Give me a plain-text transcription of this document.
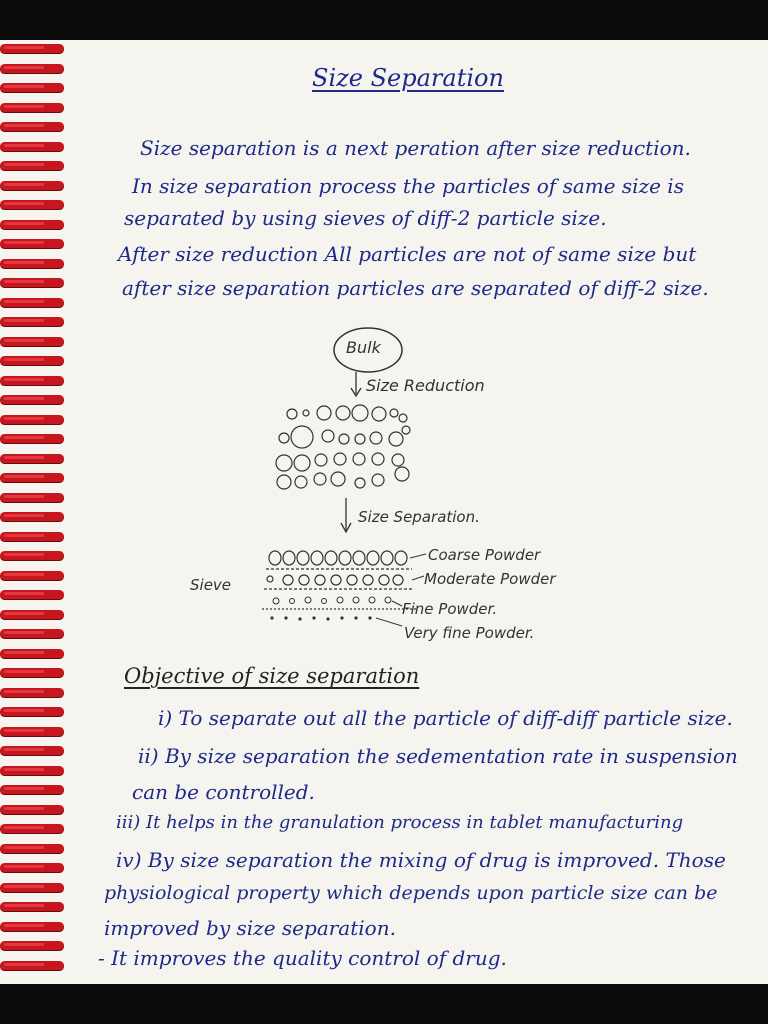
Size Separation
Size separation is a next peration after size reduction.
In size separation process the particles of same size is
separated by using sieves of diff-2 particle size.
After size reduction All particles are not of same size but
after size separation particles are separated of diff-2 size.
Bulk
Size Reduction
Size Separation.
Sieve
Coarse Powder
Moderate Powder
Fine Powder.
Very fine Powder.
Objective of size separation
i) To separate out all the particle of diff-diff particle size.
ii) By size separation the sedementation rate in suspension
can be controlled.
iii) It helps in the granulation process in tablet manufacturing
iv) By size separation the mixing of drug is improved. Those
physiological property which depends upon particle size can be
improved by size separation.
- It improves the quality control of drug.
